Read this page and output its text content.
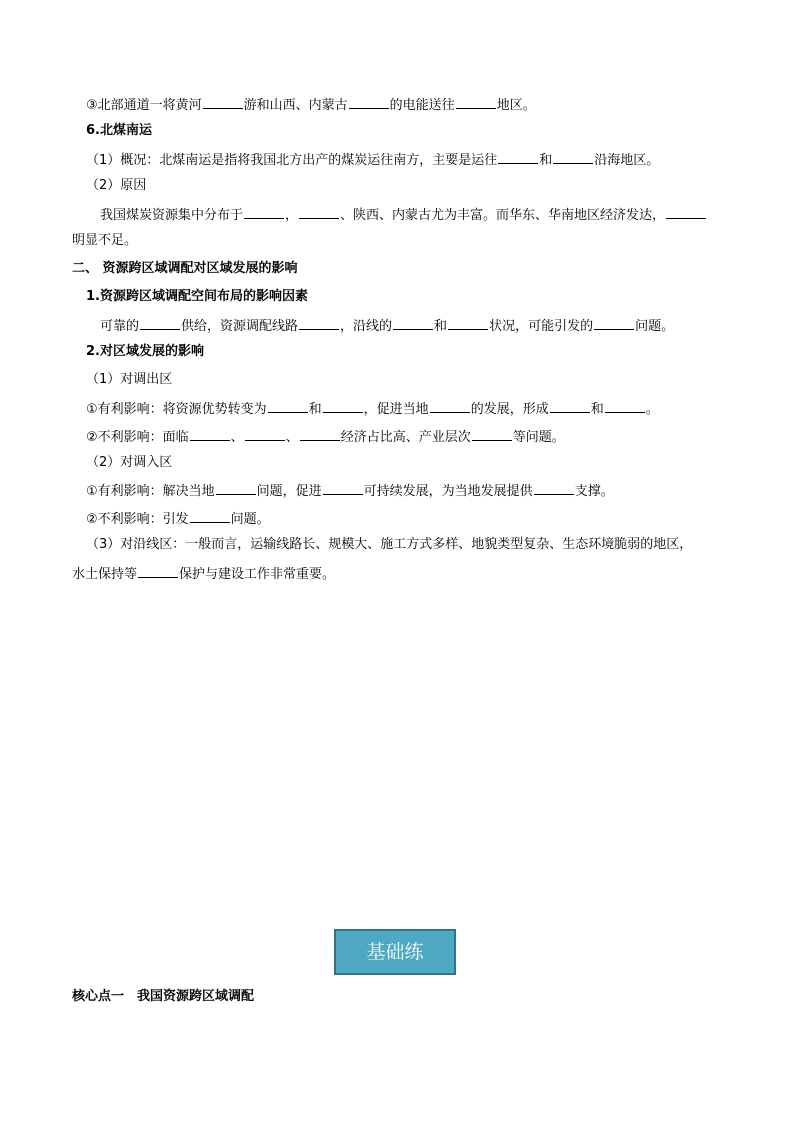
③北部通道一将黄河	游和山西、内蒙古	的电能送往	地区。
6.北煤南运
（1）概况：北煤南运是指将我国北方出产的煤炭运往南方，主要是运往	和	沿海地区。
（2）原因
我国煤炭资源集中分布于	，	、陕西、内蒙古尤为丰富。而华东、华南地区经济发达，
明显不足。
二、 资源跨区域调配对区域发展的影响
1.资源跨区域调配空间布局的影响因素
可靠的	供给，资源调配线路	，沿线的	和	状况，可能引发的	问题。
2.对区域发展的影响
（1）对调出区
①有利影响：将资源优势转变为	和	，促进当地	的发展，形成	和	。
②不利影响：面临	、	、	经济占比高、产业层次	等问题。
（2）对调入区
①有利影响：解决当地	问题，促进	可持续发展，为当地发展提供	支撑。
②不利影响：引发	问题。
（3）对沿线区：一般而言，运输线路长、规模大、施工方式多样、地貌类型复杂、生态环境脆弱的地区，
水土保持等	保护与建设工作非常重要。
基础练
核心点一　我国资源跨区域调配
